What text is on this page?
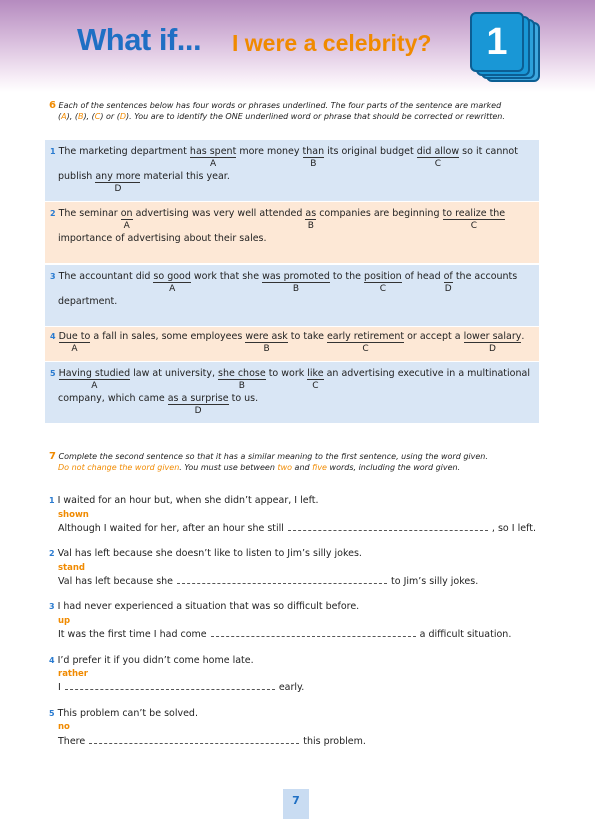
What if... I were a celebrity?	1
6 Each of the sentences below has four words or phrases underlined. The four parts of the sentence are marked
(A), (B), (C) or (D). You are to identify the ONE underlined word or phrase that should be corrected or rewritten.
1 The marketing department has spent
A
more money than
B
its original budget did allow
C
so it cannot
publish any more
D
material this year.
2 The seminar on
A
advertising was very well attended as
B
companies are beginning to realize the
C
importance of advertising about their sales.
3 The accountant did so good
A
work that she was promoted
B
to the position
C
of head of
D
the accounts
department.
4 Due to
A
a fall in sales, some employees were ask
B
to take early retirement
C
or accept a lower salary
D
.
5 Having studied
A
law at university, she chose
B
to work like
C
an advertising executive in a multinational
company, which came as a surprise
D
to us.
7 Complete the second sentence so that it has a similar meaning to the first sentence, using the word given.
Do not change the word given. You must use between two and five words, including the word given.
1 I waited for an hour but, when she didn’t appear, I left.
shown
Although I waited for her, after an hour she still	, so I left.
2 Val has left because she doesn’t like to listen to Jim’s silly jokes.
stand
Val has left because she	to Jim’s silly jokes.
3 I had never experienced a situation that was so difficult before.
up
It was the first time I had come	a difficult situation.
4 I’d prefer it if you didn’t come home late.
rather
I	early.
5 This problem can’t be solved.
no
There	this problem.
7
